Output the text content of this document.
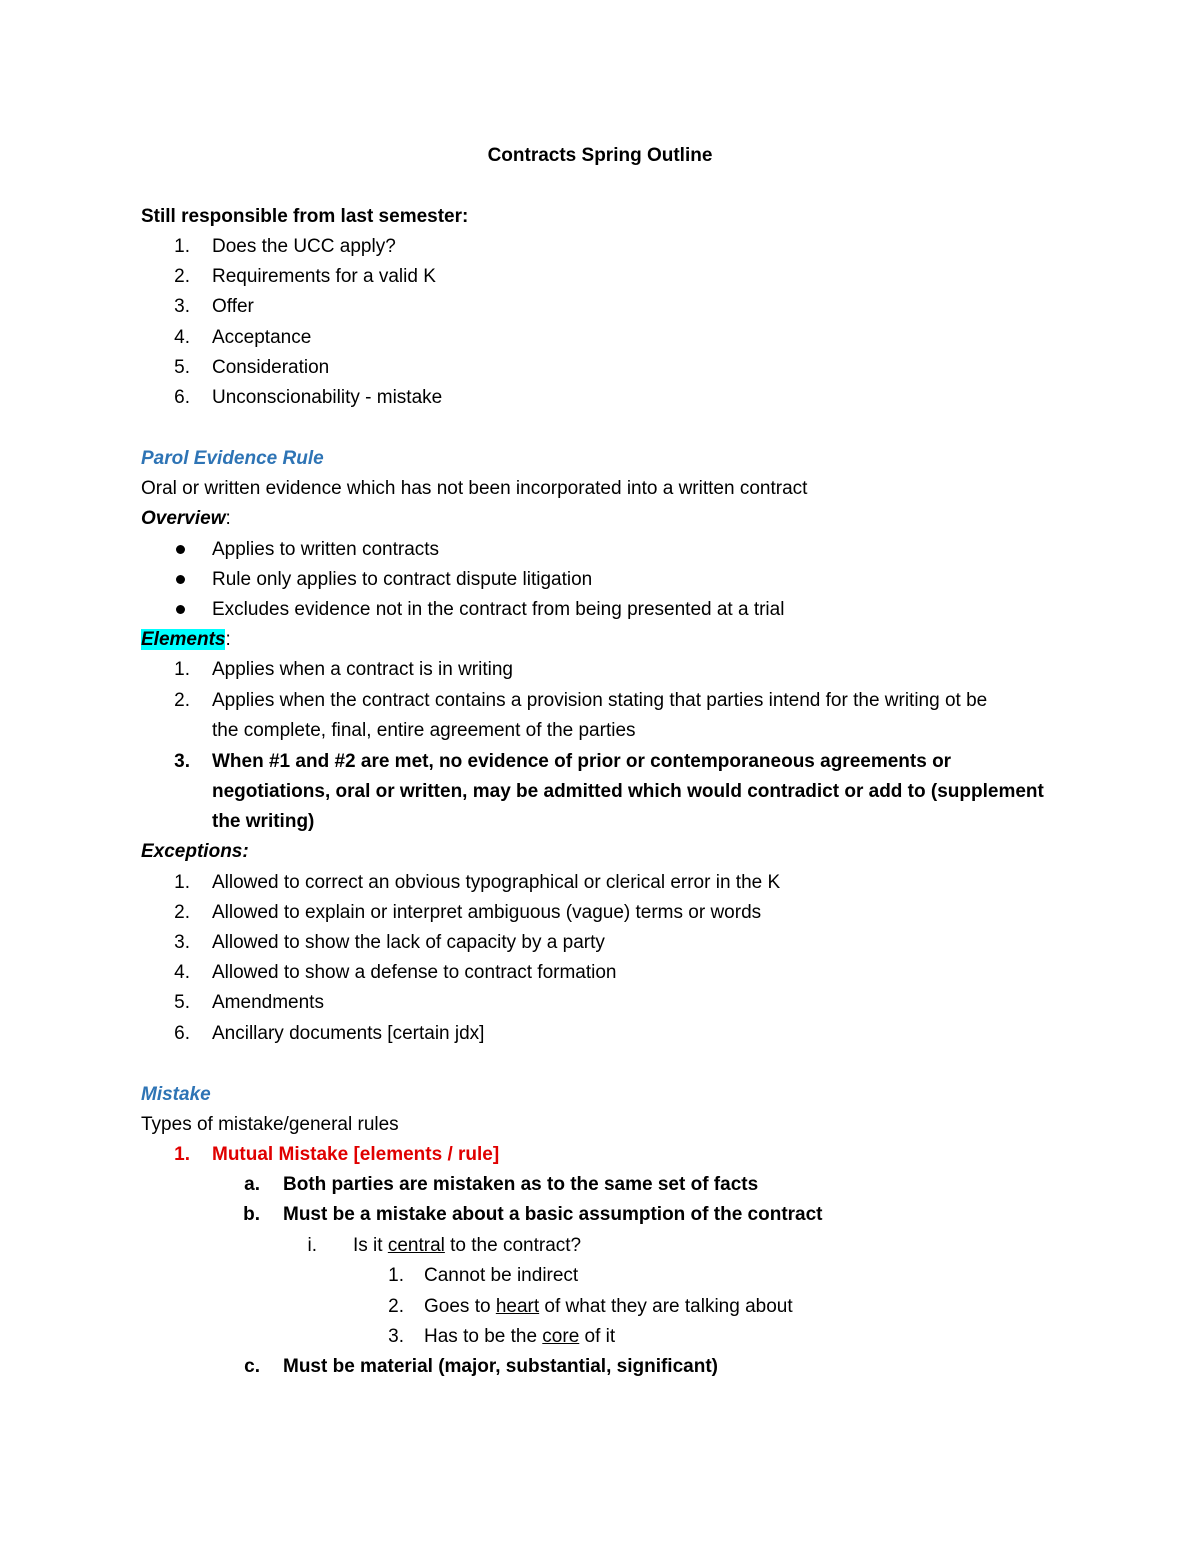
Contracts Spring Outline
Still responsible from last semester:
1. Does the UCC apply?
2. Requirements for a valid K
3. Offer
4. Acceptance
5. Consideration
6. Unconscionability - mistake
Parol Evidence Rule
Oral or written evidence which has not been incorporated into a written contract
Overview:
Applies to written contracts
Rule only applies to contract dispute litigation
Excludes evidence not in the contract from being presented at a trial
Elements:
1. Applies when a contract is in writing
2. Applies when the contract contains a provision stating that parties intend for the writing ot be
the complete, final, entire agreement of the parties
3. When #1 and #2 are met, no evidence of prior or contemporaneous agreements or
negotiations, oral or written, may be admitted which would contradict or add to (supplement
the writing)
Exceptions:
1. Allowed to correct an obvious typographical or clerical error in the K
2. Allowed to explain or interpret ambiguous (vague) terms or words
3. Allowed to show the lack of capacity by a party
4. Allowed to show a defense to contract formation
5. Amendments
6. Ancillary documents [certain jdx]
Mistake
Types of mistake/general rules
1. Mutual Mistake [elements / rule]
a. Both parties are mistaken as to the same set of facts
b. Must be a mistake about a basic assumption of the contract
i. Is it central to the contract?
1. Cannot be indirect
2. Goes to heart of what they are talking about
3. Has to be the core of it
c. Must be material (major, substantial, significant)
